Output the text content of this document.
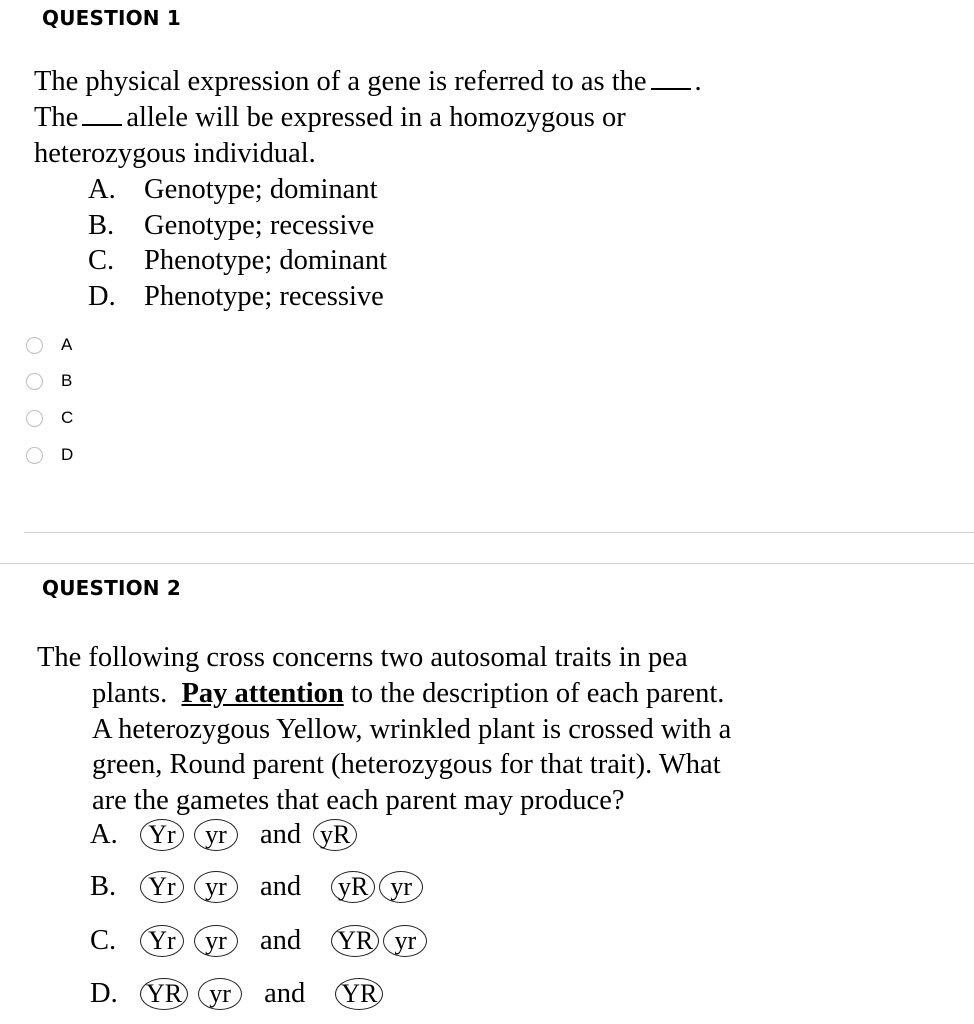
QUESTION 1
The physical expression of a gene is referred to as the .
The allele will be expressed in a homozygous or
heterozygous individual.
A. Genotype; dominant
B. Genotype; recessive
C. Phenotype; dominant
D. Phenotype; recessive
A
B
C
D
QUESTION 2
The following cross concerns two autosomal traits in pea
plants. Pay attention to the description of each parent.
A heterozygous Yellow, wrinkled plant is crossed with a
green, Round parent (heterozygous for that trait). What
are the gametes that each parent may produce?
A.	Yr	yr	and yR
B.	Yr	yr	and yR yr
C.	Yr	yr	and YR yr
D.	YR	yr	and YR
